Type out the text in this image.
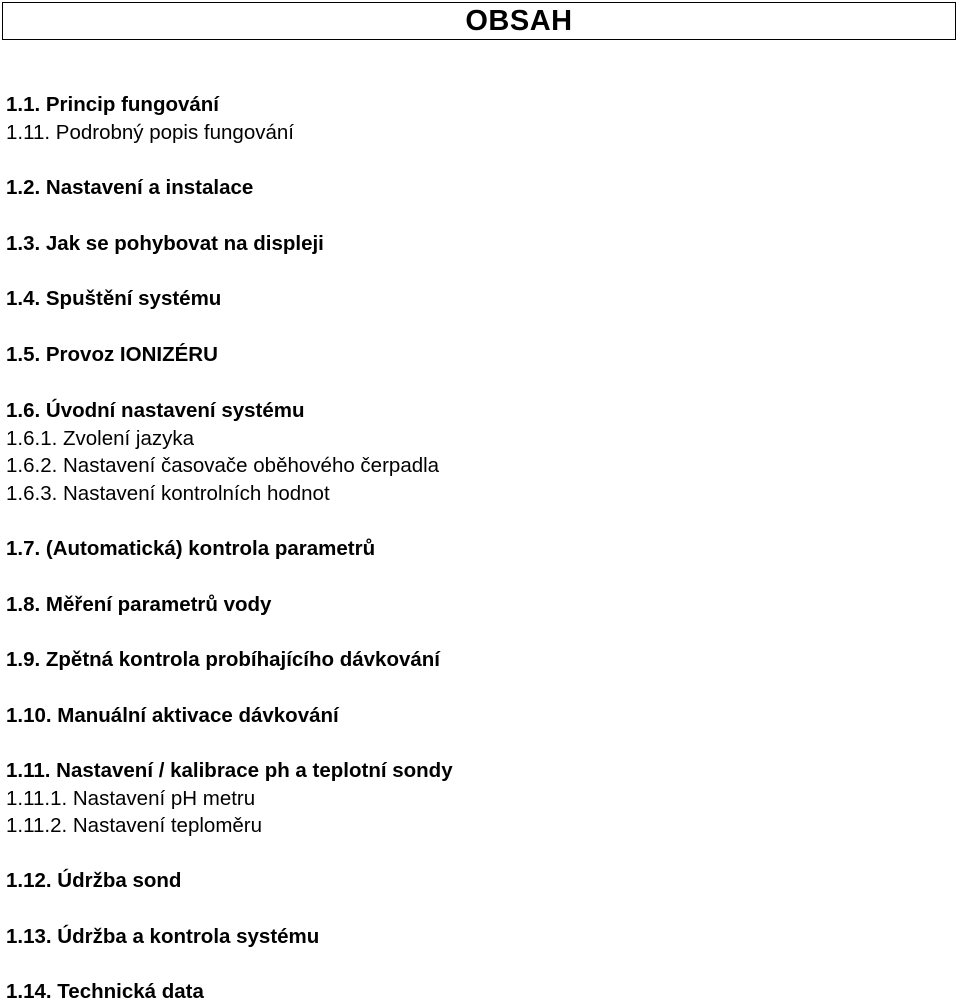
OBSAH
1.1. Princip fungování
1.11. Podrobný popis fungování
1.2. Nastavení a instalace
1.3. Jak se pohybovat na displeji
1.4. Spuštění systému
1.5. Provoz IONIZÉRU
1.6. Úvodní nastavení systému
1.6.1. Zvolení jazyka
1.6.2. Nastavení časovače oběhového čerpadla
1.6.3. Nastavení kontrolních hodnot
1.7. (Automatická) kontrola parametrů
1.8. Měření parametrů vody
1.9. Zpětná kontrola probíhajícího dávkování
1.10. Manuální aktivace dávkování
1.11. Nastavení / kalibrace ph a teplotní sondy
1.11.1. Nastavení pH metru
1.11.2. Nastavení teploměru
1.12. Údržba sond
1.13. Údržba a kontrola systému
1.14. Technická data
